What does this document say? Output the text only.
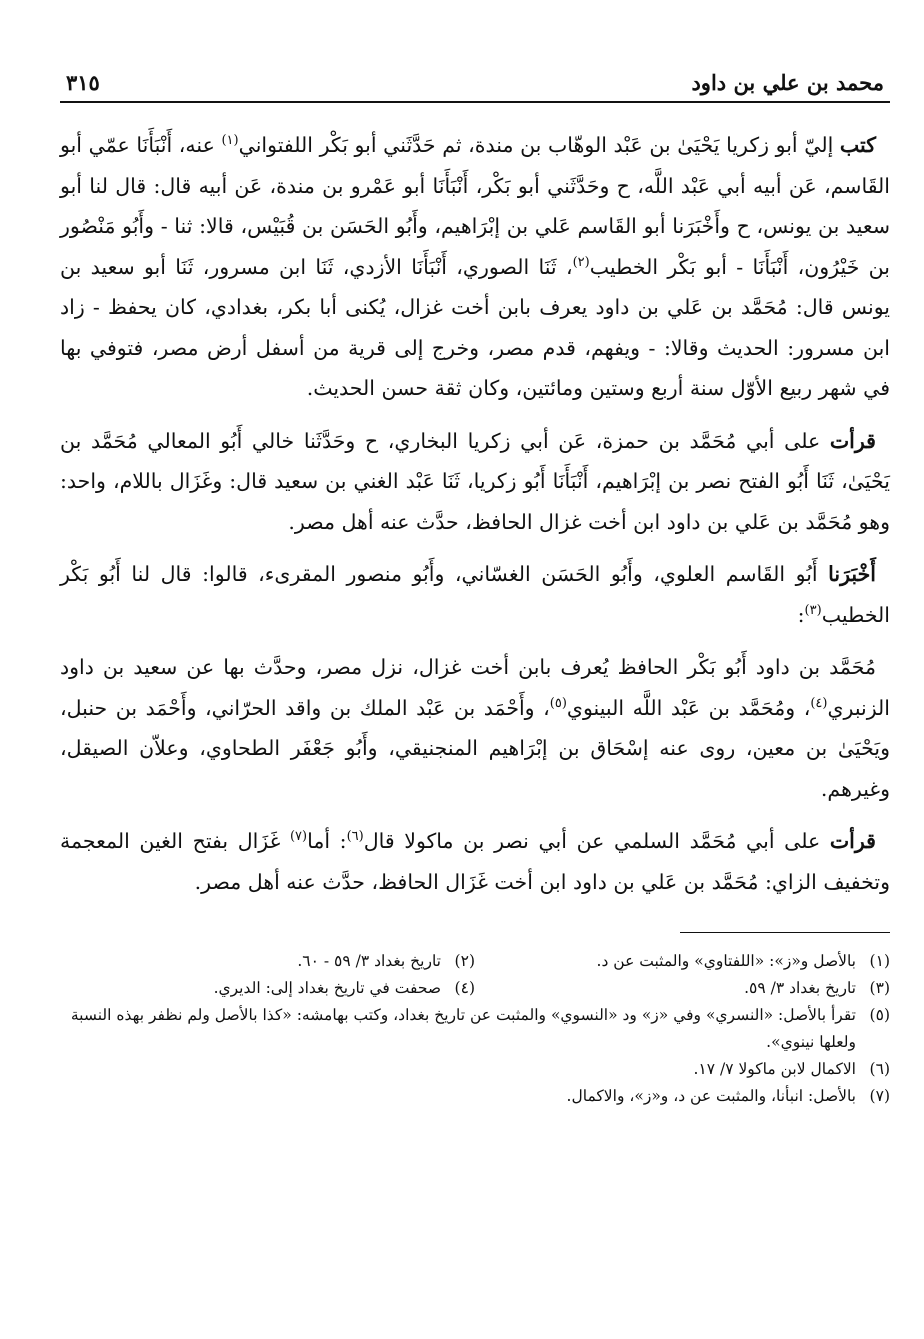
محمد بن علي بن داود
٣١٥

كتب إليّ أبو زكريا يَحْيَىٰ بن عَبْد الوهّاب بن مندة، ثم حَدَّثَني أبو بَكْر اللفتواني$^{(١)}$ عنه، أَنْبَأَنَا عمّي أبو القَاسم، عَن أبيه أبي عَبْد اللَّه، ح وحَدَّثَني أبو بَكْر، أَنْبَأَنَا أبو عَمْرو بن مندة، عَن أبيه قال: قال لنا أبو سعيد بن يونس، ح وأَخْبَرَنا أبو القَاسم عَلي بن إبْرَاهيم، وأَبُو الحَسَن بن قُبَيْس، قالا: ثنا - وأَبُو مَنْصُور بن خَيْرُون، أَنْبَأَنَا - أبو بَكْر الخطيب$^{(٢)}$، ثَنَا الصوري، أَنْبَأَنَا الأزدي، ثَنَا ابن مسرور، ثَنَا أبو سعيد بن يونس قال: مُحَمَّد بن عَلي بن داود يعرف بابن أخت غزال، يُكنى أبا بكر، بغدادي، كان يحفظ - زاد ابن مسرور: الحديث وقالا: - ويفهم، قدم مصر، وخرج إلى قرية من أسفل أرض مصر، فتوفي بها في شهر ربيع الأوّل سنة أربع وستين ومائتين، وكان ثقة حسن الحديث.

قرأت على أبي مُحَمَّد بن حمزة، عَن أبي زكريا البخاري، ح وحَدَّثَنا خالي أَبُو المعالي مُحَمَّد بن يَحْيَىٰ، ثَنَا أَبُو الفتح نصر بن إبْرَاهيم، أَنْبَأَنَا أَبُو زكريا، ثَنَا عَبْد الغني بن سعيد قال: وغَزَال باللام، واحد: وهو مُحَمَّد بن عَلي بن داود ابن أخت غزال الحافظ، حدَّث عنه أهل مصر.

أَخْبَرَنا أَبُو القَاسم العلوي، وأَبُو الحَسَن الغسّاني، وأَبُو منصور المقرىء، قالوا: قال لنا أَبُو بَكْر الخطيب$^{(٣)}$:

مُحَمَّد بن داود أَبُو بَكْر الحافظ يُعرف بابن أخت غزال، نزل مصر، وحدَّث بها عن سعيد بن داود الزنبري$^{(٤)}$، ومُحَمَّد بن عَبْد اللَّه البينوي$^{(٥)}$، وأَحْمَد بن عَبْد الملك بن واقد الحرّاني، وأَحْمَد بن حنبل، ويَحْيَىٰ بن معين، روى عنه إسْحَاق بن إبْرَاهيم المنجنيقي، وأَبُو جَعْفَر الطحاوي، وعلاّن الصيقل، وغيرهم.

قرأت على أبي مُحَمَّد السلمي عن أبي نصر بن ماكولا قال$^{(٦)}$: أما$^{(٧)}$ غَزَال بفتح الغين المعجمة وتخفيف الزاي: مُحَمَّد بن عَلي بن داود ابن أخت غَزَال الحافظ، حدَّث عنه أهل مصر.

(١)
بالأصل و«ز»: «اللفتاوي» والمثبت عن د.
(٢)
تاريخ بغداد ٣/ ٥٩ - ٦٠.
(٣)
تاريخ بغداد ٣/ ٥٩.
(٤)
صحفت في تاريخ بغداد إلى: الديري.
(٥)
تقرأ بالأصل: «النسري» وفي «ز» ود «النسوي» والمثبت عن تاريخ بغداد، وكتب بهامشه: «كذا بالأصل ولم نظفر بهذه النسبة ولعلها نينوي».
(٦)
الاكمال لابن ماكولا ٧/ ١٧.
(٧)
بالأصل: انبأنا، والمثبت عن د، و«ز»، والاكمال.
